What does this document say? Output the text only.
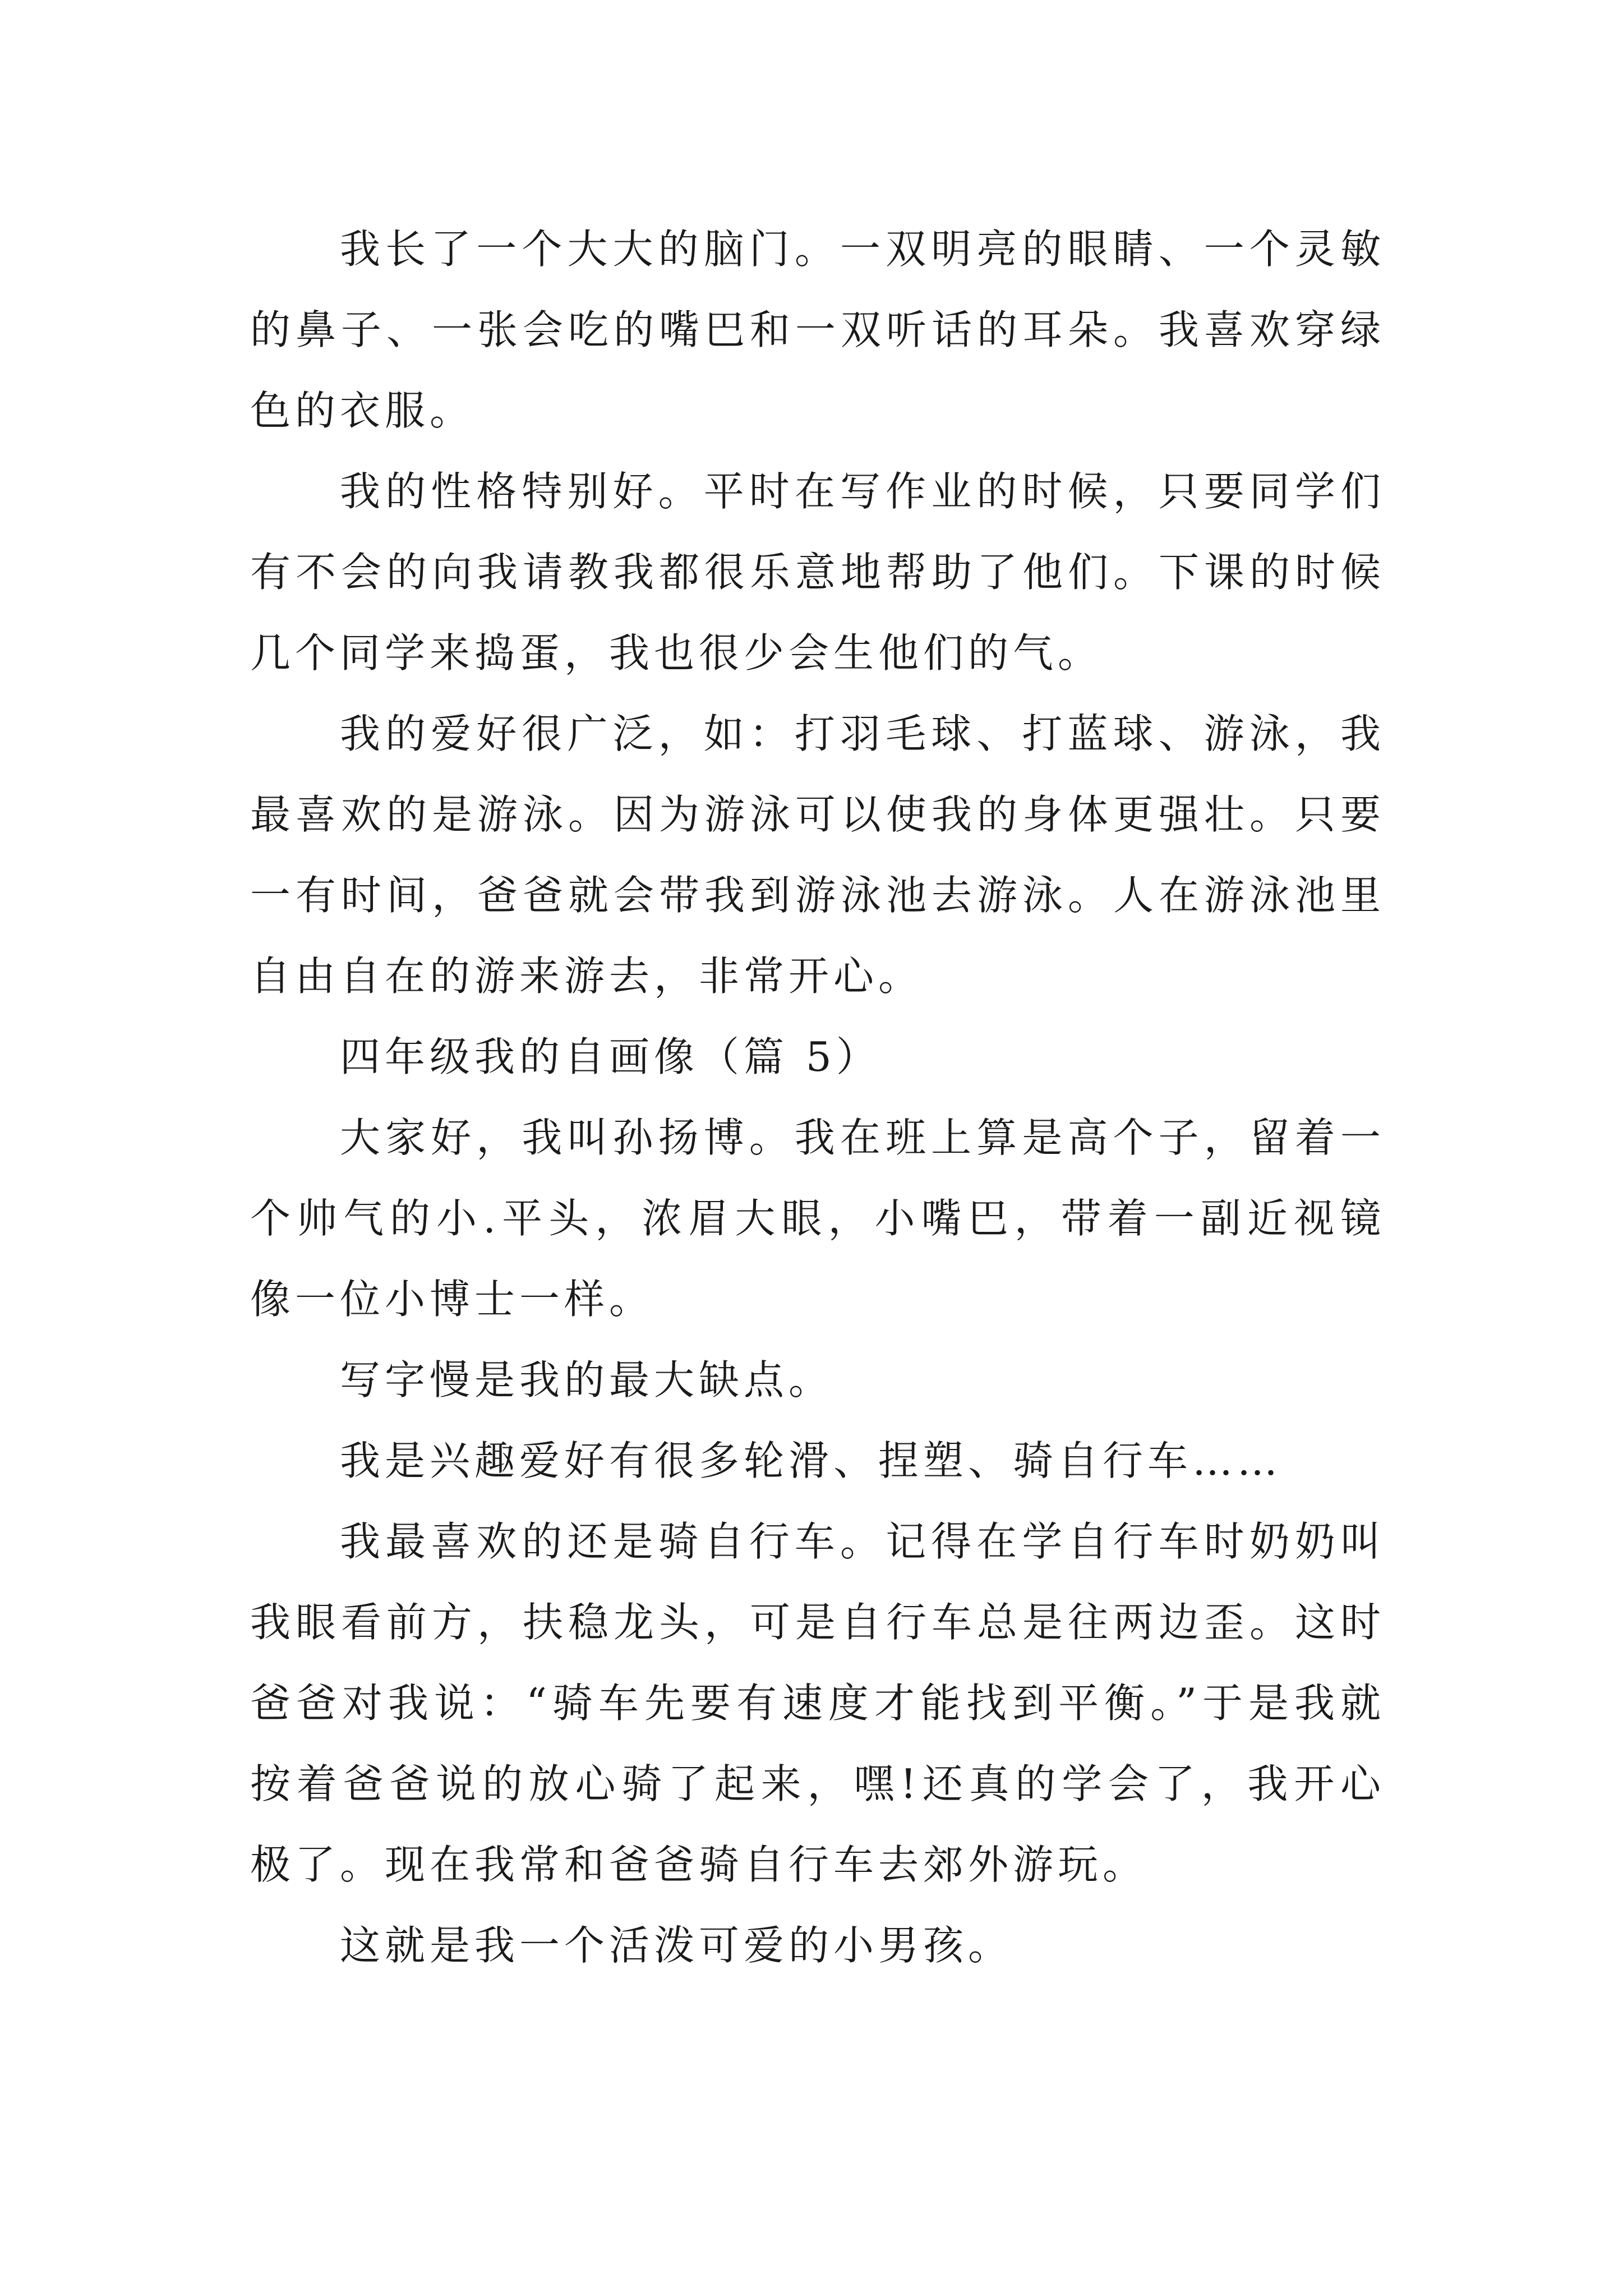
我长了一个大大的脑门。一双明亮的眼睛、一个灵敏的鼻子、一张会吃的嘴巴和一双听话的耳朵。我喜欢穿绿色的衣服。

我的性格特别好。平时在写作业的时候，只要同学们有不会的向我请教我都很乐意地帮助了他们。下课的时候几个同学来捣蛋，我也很少会生他们的气。

我的爱好很广泛，如：打羽毛球、打蓝球、游泳，我最喜欢的是游泳。因为游泳可以使我的身体更强壮。只要一有时间，爸爸就会带我到游泳池去游泳。人在游泳池里自由自在的游来游去，非常开心。

四年级我的自画像（篇 5）

大家好，我叫孙扬博。我在班上算是高个子，留着一个帅气的小.平头，浓眉大眼，小嘴巴，带着一副近视镜像一位小博士一样。

写字慢是我的最大缺点。

我是兴趣爱好有很多轮滑、捏塑、骑自行车……

我最喜欢的还是骑自行车。记得在学自行车时奶奶叫我眼看前方，扶稳龙头，可是自行车总是往两边歪。这时爸爸对我说：“骑车先要有速度才能找到平衡。”于是我就按着爸爸说的放心骑了起来，嘿!还真的学会了，我开心极了。现在我常和爸爸骑自行车去郊外游玩。

这就是我一个活泼可爱的小男孩。
